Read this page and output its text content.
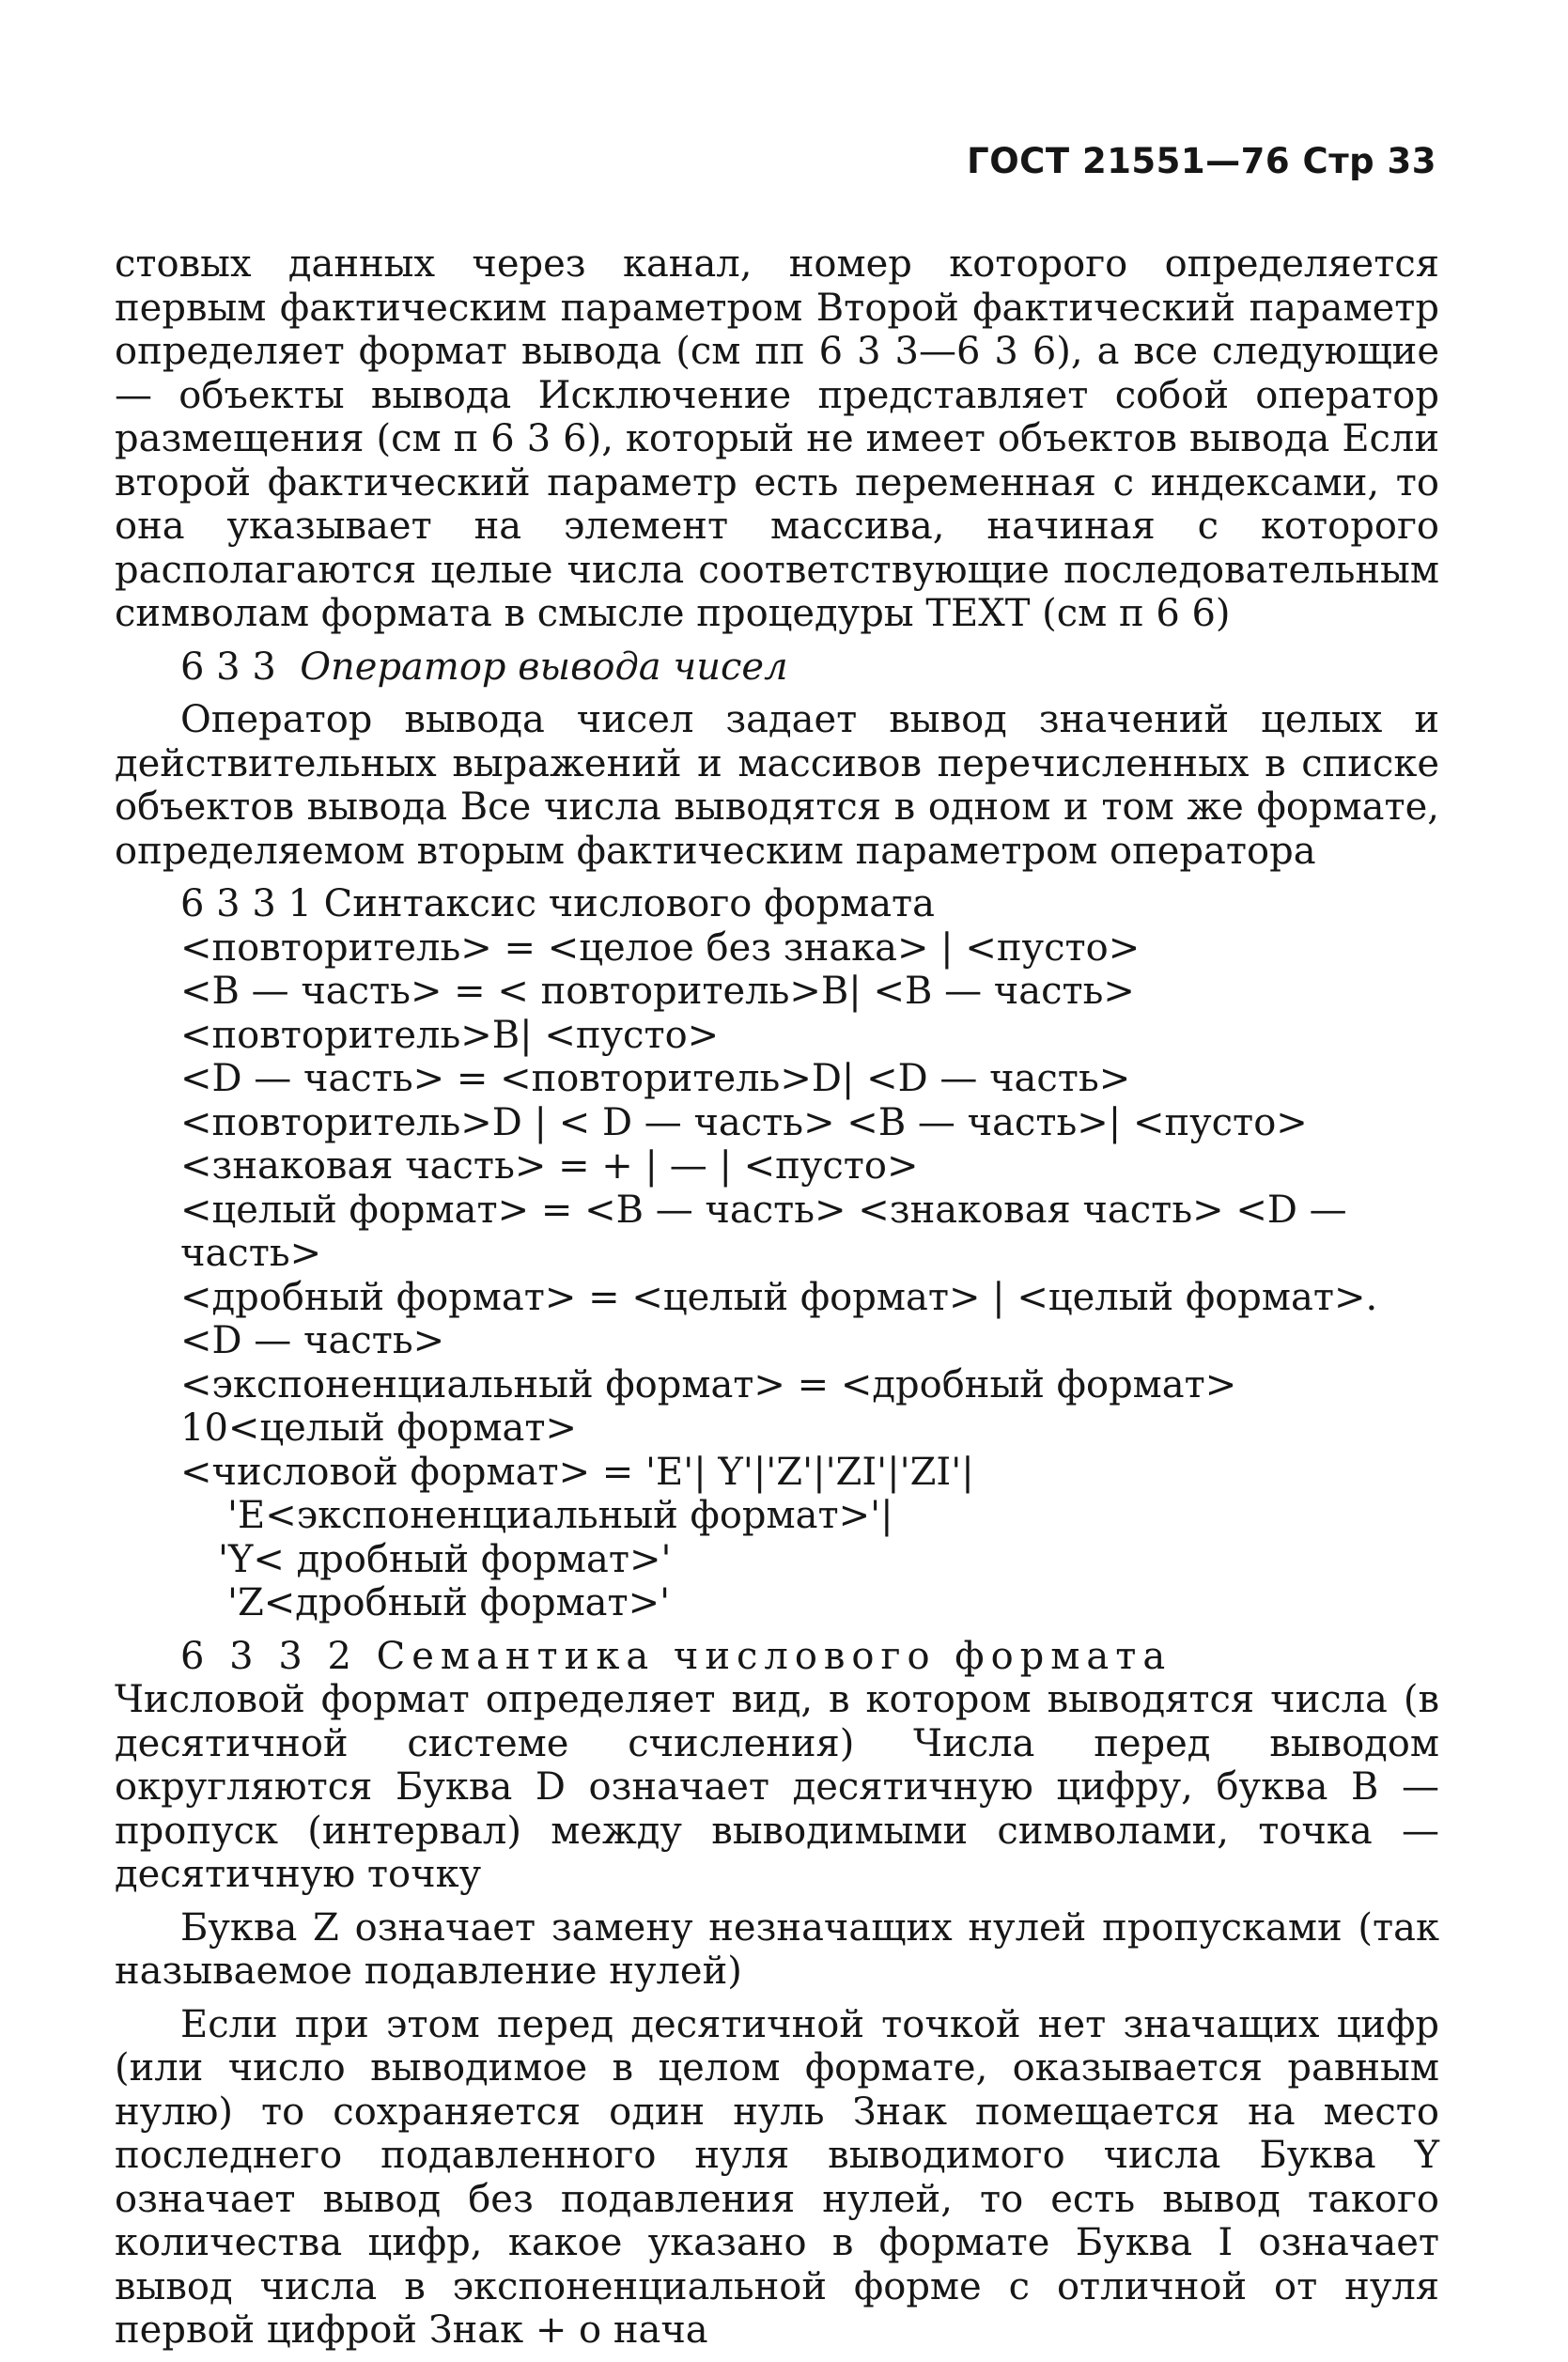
ГОСТ 21551—76 Стр 33

стовых данных через канал, номер которого определяется первым фактическим параметром Второй фактический параметр определяет формат вывода (см пп 6 3 3—6 3 6), а все следующие — объекты вывода Исключение представляет собой оператор размещения (см п 6 3 6), который не имеет объектов вывода Если второй фактический параметр есть переменная с индексами, то она указывает на элемент массива, начиная с которого располагаются целые числа соответствующие последовательным символам формата в смысле процедуры TEXT (см п 6 6)

6 3 3 Оператор вывода чисел

Оператор вывода чисел задает вывод значений целых и действительных выражений и массивов перечисленных в списке объектов вывода Все числа выводятся в одном и том же формате, определяемом вторым фактическим параметром оператора

6 3 3 1 Синтаксис числового формата

<повторитель> = <целое без знака> | <пусто>

<B — часть> = < повторитель>B| <B — часть> <повторитель>B| <пусто>

<D — часть> = <повторитель>D| <D — часть> <повторитель>D | < D — часть> <B — часть>| <пусто>

<знаковая часть> = + | — | <пусто>

<целый формат> = <B — часть> <знаковая часть> <D — часть>

<дробный формат> = <целый формат> | <целый формат>. <D — часть>

<экспоненциальный формат> = <дробный формат> 10<целый формат>

<числовой формат> = 'E'| Y'|'Z'|'ZI'|'ZI'|

'E<экспоненциальный формат>'|

'Y< дробный формат>'

'Z<дробный формат>'

6 3 3 2 Семантика числового формата

Числовой формат определяет вид, в котором выводятся числа (в десятичной системе счисления) Числа перед выводом округляются Буква D означает десятичную цифру, буква B — пропуск (интервал) между выводимыми символами, точка — десятичную точку

Буква Z означает замену незначащих нулей пропусками (так называемое подавление нулей)

Если при этом перед десятичной точкой нет значащих цифр (или число выводимое в целом формате, оказывается равным нулю) то сохраняется один нуль Знак помещается на место последнего подавленного нуля выводимого числа Буква Y означает вывод без подавления нулей, то есть вывод такого количества цифр, какое указано в формате Буква I означает вывод числа в экспоненциальной форме с отличной от нуля первой цифрой Знак + о нача
